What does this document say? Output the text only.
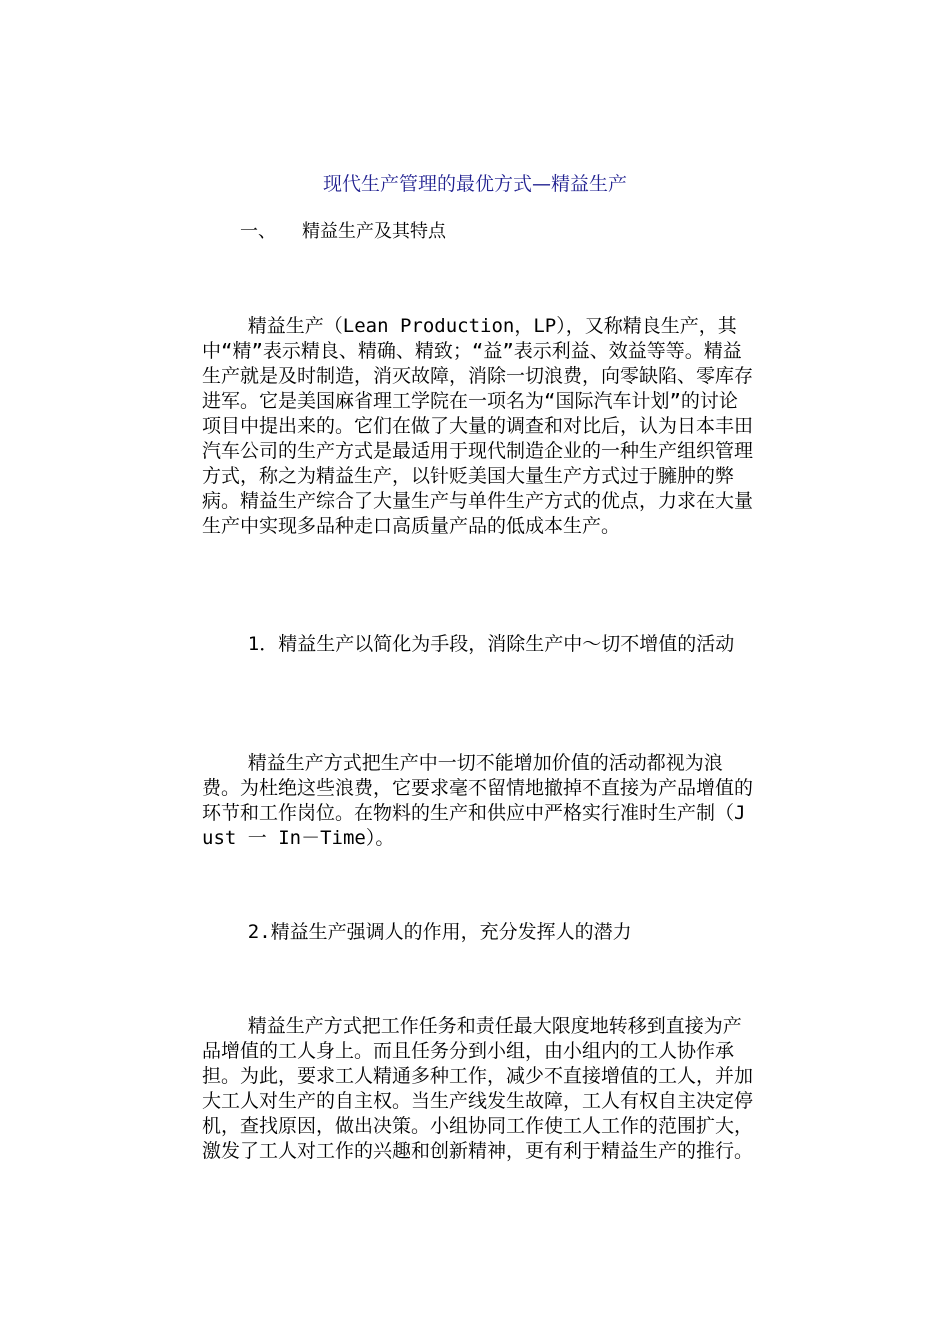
现代生产管理的最优方式—精益生产
一、 精益生产及其特点

精益生产（Lean Production，LP），又称精良生产，其中“精”表示精良、精确、精致；“益”表示利益、效益等等。精益生产就是及时制造，消灭故障，消除一切浪费，向零缺陷、零库存进军。它是美国麻省理工学院在一项名为“国际汽车计划”的讨论项目中提出来的。它们在做了大量的调查和对比后，认为日本丰田汽车公司的生产方式是最适用于现代制造企业的一种生产组织管理方式，称之为精益生产，以针贬美国大量生产方式过于臃肿的弊病。精益生产综合了大量生产与单件生产方式的优点，力求在大量生产中实现多品种走口高质量产品的低成本生产。

1．精益生产以简化为手段，消除生产中～切不增值的活动

精益生产方式把生产中一切不能增加价值的活动都视为浪费。为杜绝这些浪费，它要求毫不留情地撤掉不直接为产品增值的环节和工作岗位。在物料的生产和供应中严格实行准时生产制（Just 一 In－Time）。

2.精益生产强调人的作用，充分发挥人的潜力

精益生产方式把工作任务和责任最大限度地转移到直接为产品增值的工人身上。而且任务分到小组，由小组内的工人协作承担。为此，要求工人精通多种工作，减少不直接增值的工人，并加大工人对生产的自主权。当生产线发生故障，工人有权自主决定停机，查找原因，做出决策。小组协同工作使工人工作的范围扩大，激发了工人对工作的兴趣和创新精神，更有利于精益生产的推行。
